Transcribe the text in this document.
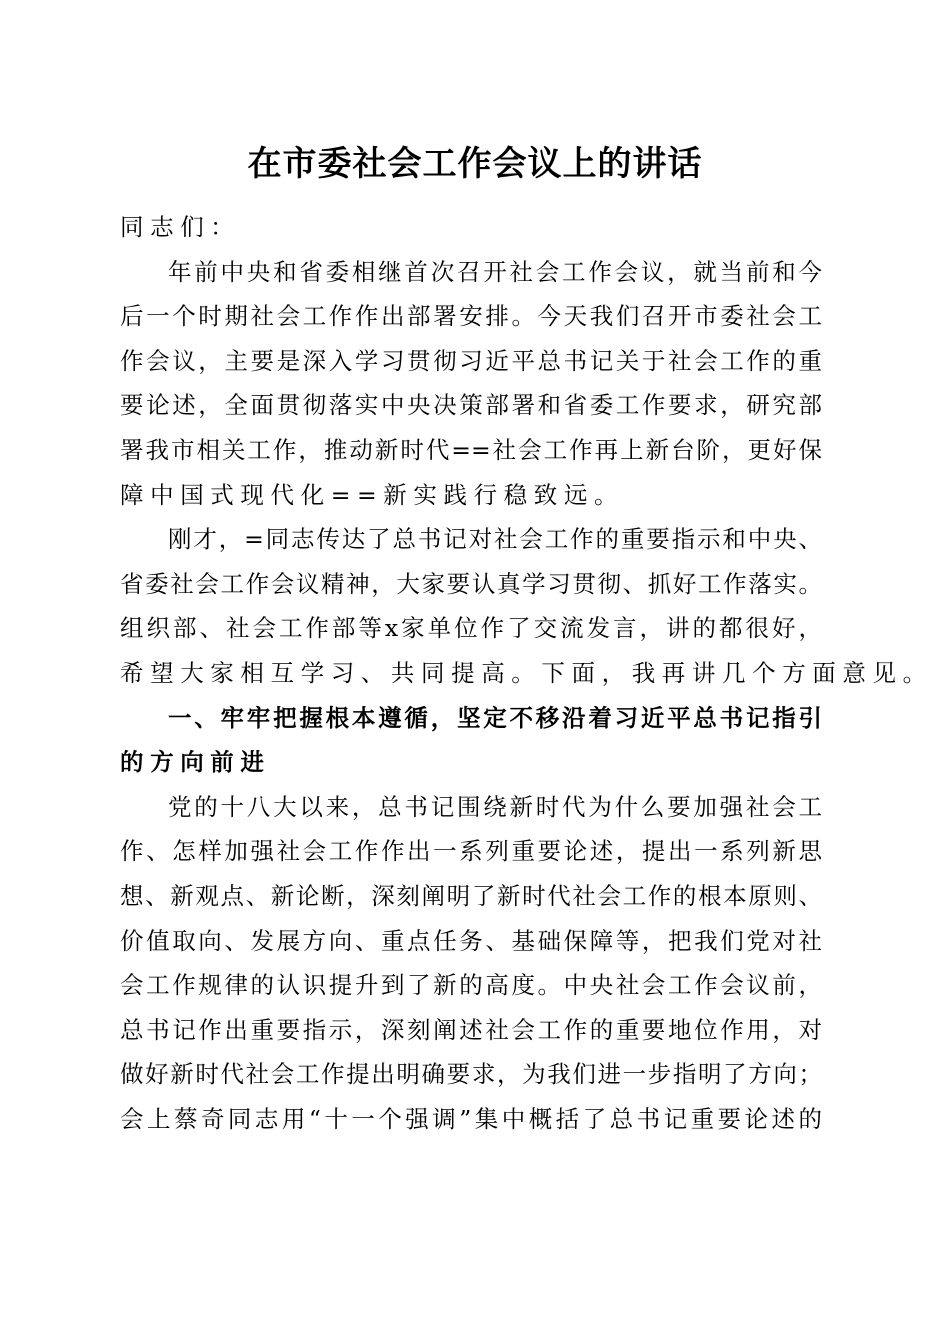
在市委社会工作会议上的讲话
同志们：
年前中央和省委相继首次召开社会工作会议，就当前和今
后一个时期社会工作作出部署安排。今天我们召开市委社会工
作会议，主要是深入学习贯彻习近平总书记关于社会工作的重
要论述，全面贯彻落实中央决策部署和省委工作要求，研究部
署我市相关工作，推动新时代==社会工作再上新台阶，更好保
障中国式现代化==新实践行稳致远。
刚才，=同志传达了总书记对社会工作的重要指示和中央、
省委社会工作会议精神，大家要认真学习贯彻、抓好工作落实。
组织部、社会工作部等x家单位作了交流发言，讲的都很好，
希望大家相互学习、共同提高。下面，我再讲几个方面意见。
一、牢牢把握根本遵循，坚定不移沿着习近平总书记指引
的方向前进
党的十八大以来，总书记围绕新时代为什么要加强社会工
作、怎样加强社会工作作出一系列重要论述，提出一系列新思
想、新观点、新论断，深刻阐明了新时代社会工作的根本原则、
价值取向、发展方向、重点任务、基础保障等，把我们党对社
会工作规律的认识提升到了新的高度。中央社会工作会议前，
总书记作出重要指示，深刻阐述社会工作的重要地位作用，对
做好新时代社会工作提出明确要求，为我们进一步指明了方向；
会上蔡奇同志用“十一个强调”集中概括了总书记重要论述的
